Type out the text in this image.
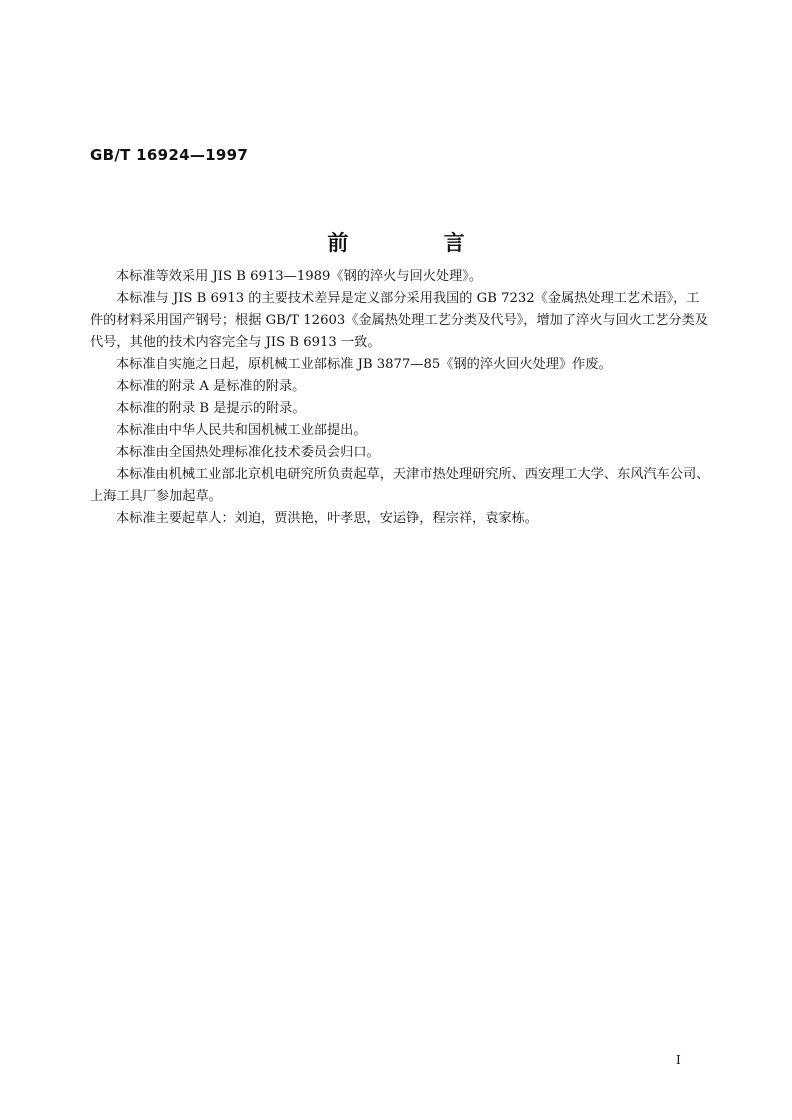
GB/T 16924—1997
前 言

本标准等效采用 JIS B 6913—1989《钢的淬火与回火处理》。

本标准与 JIS B 6913 的主要技术差异是定义部分采用我国的 GB 7232《金属热处理工艺术语》，工件的材料采用国产钢号；根据 GB/T 12603《金属热处理工艺分类及代号》，增加了淬火与回火工艺分类及代号，其他的技术内容完全与 JIS B 6913 一致。

本标准自实施之日起，原机械工业部标准 JB 3877—85《钢的淬火回火处理》作废。

本标准的附录 A 是标准的附录。

本标准的附录 B 是提示的附录。

本标准由中华人民共和国机械工业部提出。

本标准由全国热处理标准化技术委员会归口。

本标准由机械工业部北京机电研究所负责起草，天津市热处理研究所、西安理工大学、东风汽车公司、上海工具厂参加起草。

本标准主要起草人：刘迫，贾洪艳，叶孝思，安运铮，程宗祥，袁家栋。

I
